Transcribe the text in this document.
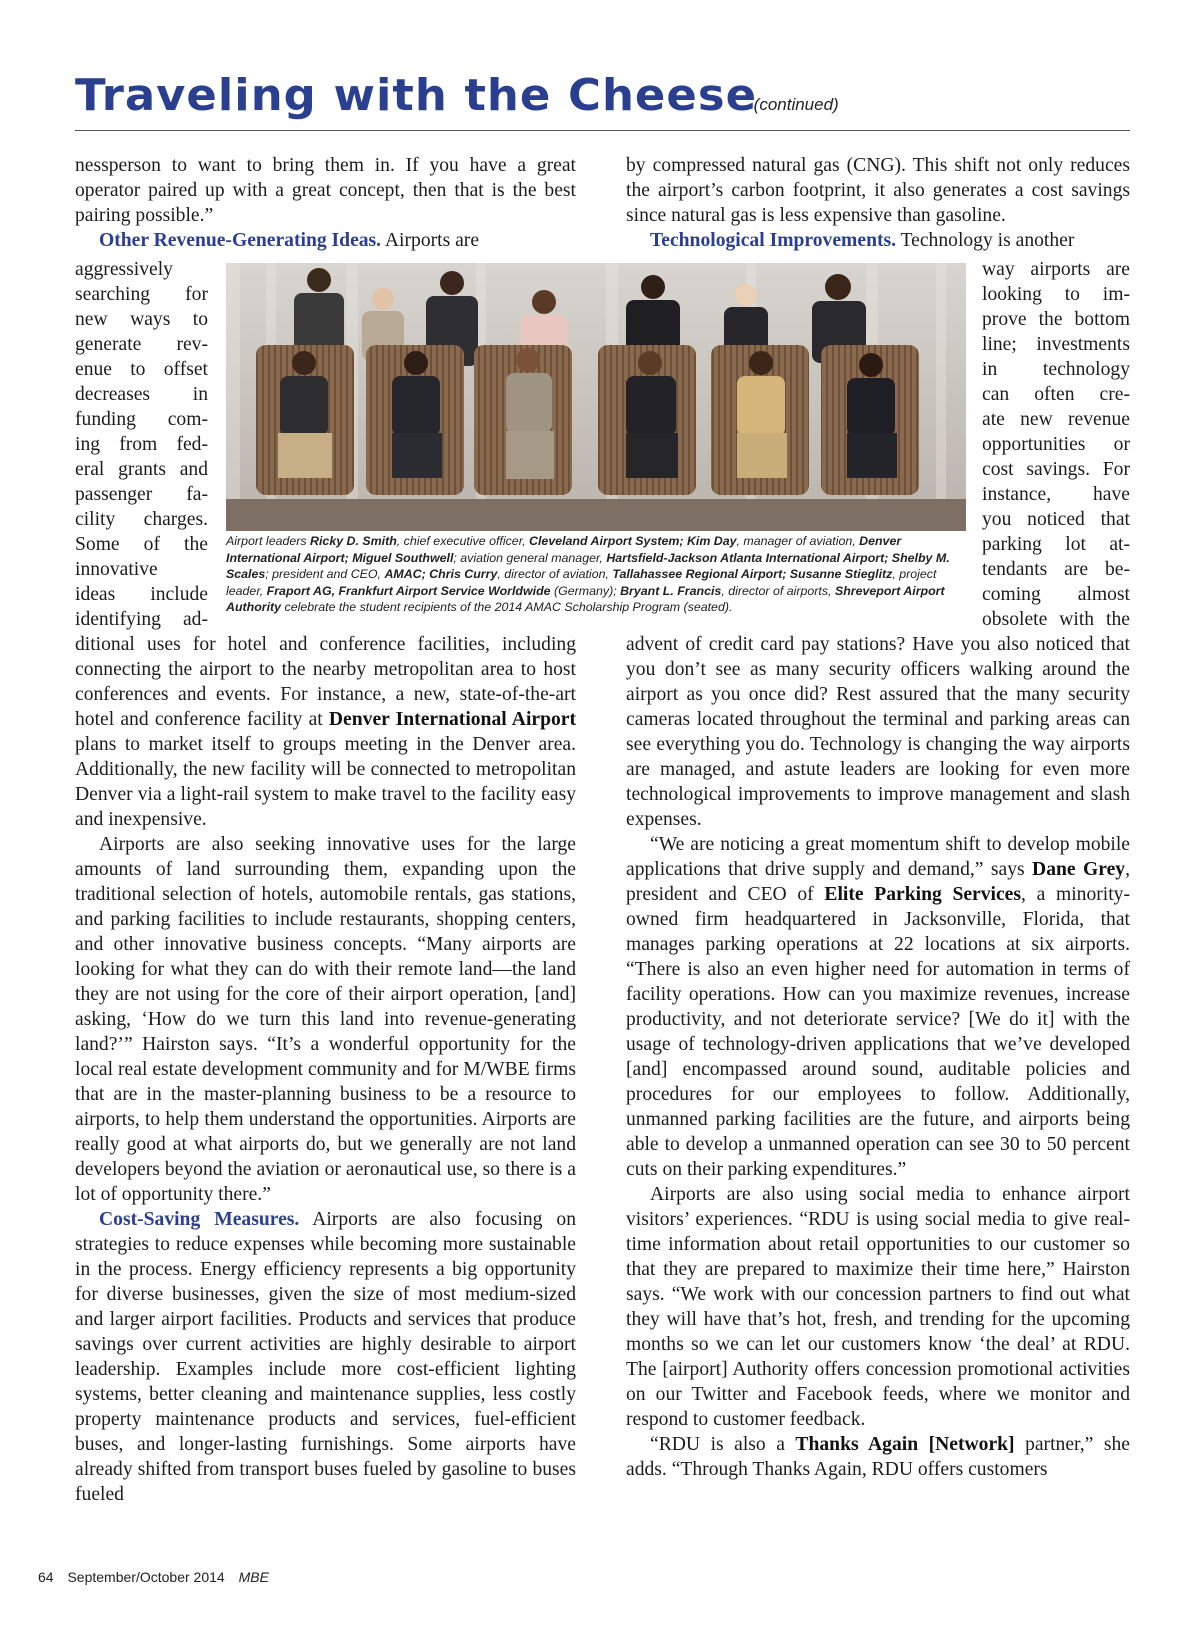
Traveling with the Cheese (continued)

nessperson to want to bring them in. If you have a great operator paired up with a great concept, then that is the best pairing possible.”

Other Revenue-Generating Ideas. Airports are

aggressively
searching for
new ways to
generate rev-
enue to offset
decreases in
funding com-
ing from fed-
eral grants and
passenger fa-
cility charges.
Some of the
innovative
ideas include
identifying ad-

by compressed natural gas (CNG). This shift not only reduces the airport’s carbon footprint, it also generates a cost savings since natural gas is less expensive than gasoline.

Technological Improvements. Technology is another

way airports are
looking to im-
prove the bottom
line; investments
in technology
can often cre-
ate new revenue
opportunities or
cost savings. For
instance, have
you noticed that
parking lot at-
tendants are be-
coming almost
obsolete with the
Airport leaders Ricky D. Smith, chief executive officer, Cleveland Airport System; Kim Day, manager of aviation, Denver International Airport; Miguel Southwell; aviation general manager, Hartsfield-Jackson Atlanta International Airport; Shelby M. Scales; president and CEO, AMAC; Chris Curry, director of aviation, Tallahassee Regional Airport; Susanne Stieglitz, project leader, Fraport AG, Frankfurt Airport Service Worldwide (Germany); Bryant L. Francis, director of airports, Shreveport Airport Authority celebrate the student recipients of the 2014 AMAC Scholarship Program (seated).

ditional uses for hotel and conference facilities, including connecting the airport to the nearby metropolitan area to host conferences and events. For instance, a new, state-of-the-art hotel and conference facility at Denver International Airport plans to market itself to groups meeting in the Denver area. Additionally, the new facility will be connected to metropolitan Denver via a light-rail system to make travel to the facility easy and inexpensive.

Airports are also seeking innovative uses for the large amounts of land surrounding them, expanding upon the traditional selection of hotels, automobile rentals, gas stations, and parking facilities to include restaurants, shopping centers, and other innovative business concepts. “Many airports are looking for what they can do with their remote land—the land they are not using for the core of their airport operation, [and] asking, ‘How do we turn this land into revenue-generating land?’” Hairston says. “It’s a wonderful opportunity for the local real estate development community and for M/WBE firms that are in the master-planning business to be a resource to airports, to help them understand the opportunities. Airports are really good at what airports do, but we generally are not land developers beyond the aviation or aeronautical use, so there is a lot of opportunity there.”

Cost-Saving Measures. Airports are also focusing on strategies to reduce expenses while becoming more sustainable in the process. Energy efficiency represents a big opportunity for diverse businesses, given the size of most medium-sized and larger airport facilities. Products and services that produce savings over current activities are highly desirable to airport leadership. Examples include more cost-efficient lighting systems, better cleaning and maintenance supplies, less costly property maintenance products and services, fuel-efficient buses, and longer-lasting furnishings. Some airports have already shifted from transport buses fueled by gasoline to buses fueled

advent of credit card pay stations? Have you also noticed that you don’t see as many security officers walking around the airport as you once did? Rest assured that the many security cameras located throughout the terminal and parking areas can see everything you do. Technology is changing the way airports are managed, and astute leaders are looking for even more technological improvements to improve management and slash expenses.

“We are noticing a great momentum shift to develop mobile applications that drive supply and demand,” says Dane Grey, president and CEO of Elite Parking Services, a minority-owned firm headquartered in Jacksonville, Florida, that manages parking operations at 22 locations at six airports. “There is also an even higher need for automation in terms of facility operations. How can you maximize revenues, increase productivity, and not deteriorate service? [We do it] with the usage of technology-driven applications that we’ve developed [and] encompassed around sound, auditable policies and procedures for our employees to follow. Additionally, unmanned parking facilities are the future, and airports being able to develop a unmanned operation can see 30 to 50 percent cuts on their parking expenditures.”

Airports are also using social media to enhance airport visitors’ experiences. “RDU is using social media to give real-time information about retail opportunities to our customer so that they are prepared to maximize their time here,” Hairston says. “We work with our concession partners to find out what they will have that’s hot, fresh, and trending for the upcoming months so we can let our customers know ‘the deal’ at RDU. The [airport] Authority offers concession promotional activities on our Twitter and Facebook feeds, where we monitor and respond to customer feedback.

“RDU is also a Thanks Again [Network] partner,” she adds. “Through Thanks Again, RDU offers customers

64 September/October 2014 MBE
